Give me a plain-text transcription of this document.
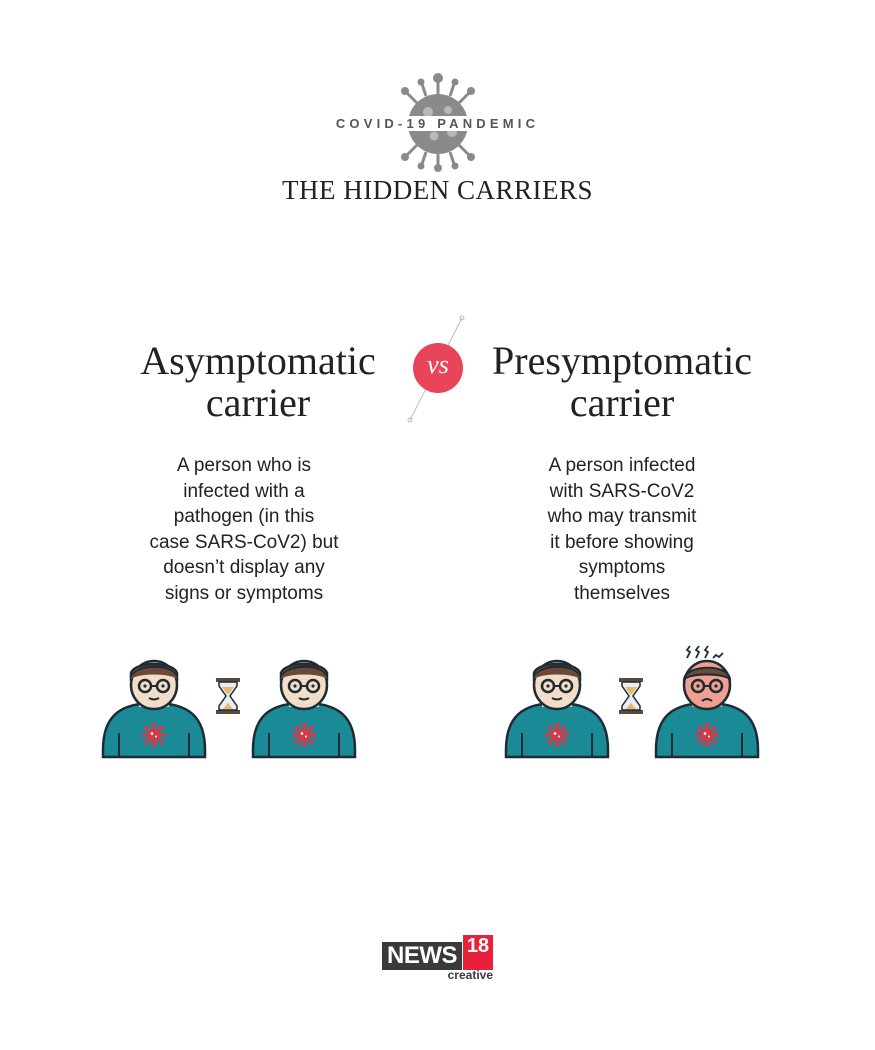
COVID-19 PANDEMIC
THE HIDDEN CARRIERS
Asymptomatic
carrier
vs	Presymptomatic
carrier
A person who is
infected with a
pathogen (in this
case SARS-CoV2) but
doesn’t display any
signs or symptoms
A person infected
with SARS-CoV2
who may transmit
it before showing
symptoms
themselves
NEWS 18
creative
